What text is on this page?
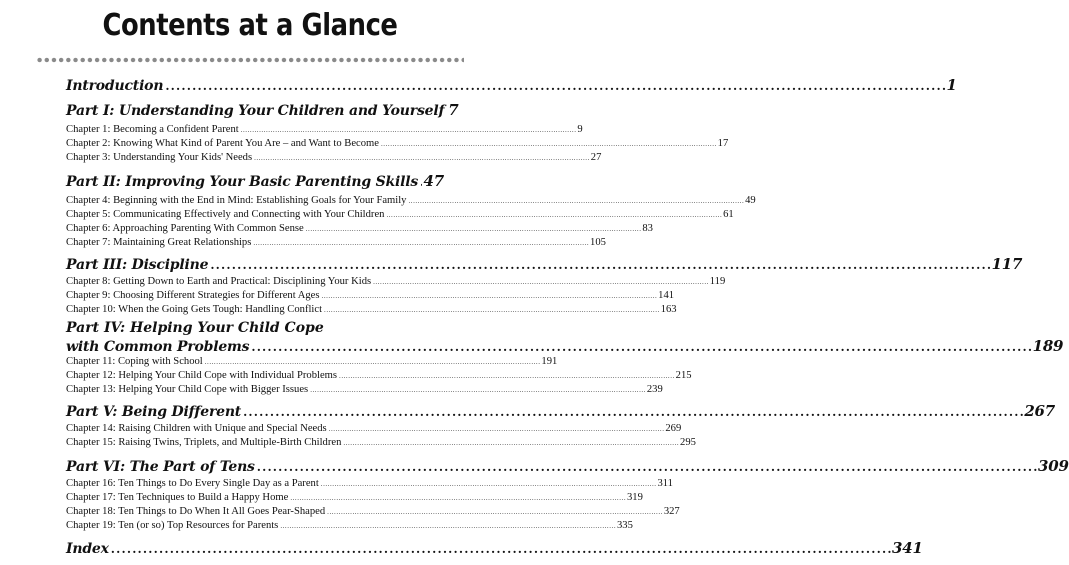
Contents at a Glance
Introduction . . .	1
Part I: Understanding Your Children and Yourself 7
Chapter 1: Becoming a Confident Parent . . .	9
Chapter 2: Knowing What Kind of Parent You Are – and Want to Become . . .	17
Chapter 3: Understanding Your Kids' Needs . . .	27
Part II: Improving Your Basic Parenting Skills . . . 47
Chapter 4: Beginning with the End in Mind: Establishing Goals for Your Family . . .	49
Chapter 5: Communicating Effectively and Connecting with Your Children . . .	61
Chapter 6: Approaching Parenting With Common Sense . . .	83
Chapter 7: Maintaining Great Relationships . . .	105
Part III: Discipline . . .	117
Chapter 8: Getting Down to Earth and Practical: Disciplining Your Kids . . .	119
Chapter 9: Choosing Different Strategies for Different Ages . . .	141
Chapter 10: When the Going Gets Tough: Handling Conflict . . .	163
Part IV: Helping Your Child Cope
with Common Problems . . .	189
Chapter 11: Coping with School . . .	191
Chapter 12: Helping Your Child Cope with Individual Problems . . .	215
Chapter 13: Helping Your Child Cope with Bigger Issues . . .	239
Part V: Being Different . . .	267
Chapter 14: Raising Children with Unique and Special Needs . . .	269
Chapter 15: Raising Twins, Triplets, and Multiple-Birth Children . . .	295
Part VI: The Part of Tens . . .	309
Chapter 16: Ten Things to Do Every Single Day as a Parent . . .	311
Chapter 17: Ten Techniques to Build a Happy Home . . .	319
Chapter 18: Ten Things to Do When It All Goes Pear-Shaped . . .	327
Chapter 19: Ten (or so) Top Resources for Parents . . .	335
Index . . .	341
